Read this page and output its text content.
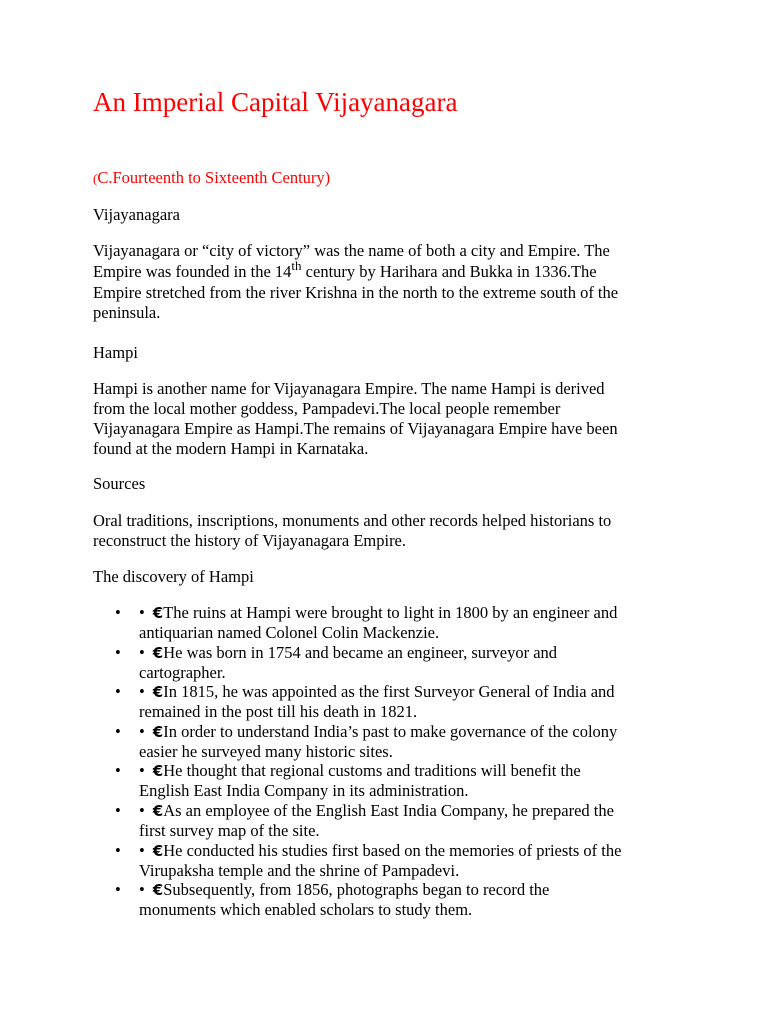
An Imperial Capital Vijayanagara

(C.Fourteenth to Sixteenth Century)

Vijayanagara

Vijayanagara or “city of victory” was the name of both a city and Empire. The

Empire was founded in the 14th century by Harihara and Bukka in 1336.The

Empire stretched from the river Krishna in the north to the extreme south of the

peninsula.

Hampi

Hampi is another name for Vijayanagara Empire. The name Hampi is derived

from the local mother goddess, Pampadevi.The local people remember

Vijayanagara Empire as Hampi.The remains of Vijayanagara Empire have been

found at the modern Hampi in Karnataka.

Sources

Oral traditions, inscriptions, monuments and other records helped historians to

reconstruct the history of Vijayanagara Empire.

The discovery of Hampi

• • €The ruins at Hampi were brought to light in 1800 by an engineer and
antiquarian named Colonel Colin Mackenzie.
• • €He was born in 1754 and became an engineer, surveyor and
cartographer.
• • €In 1815, he was appointed as the first Surveyor General of India and
remained in the post till his death in 1821.
• • €In order to understand India’s past to make governance of the colony
easier he surveyed many historic sites.
• • €He thought that regional customs and traditions will benefit the
English East India Company in its administration.
• • €As an employee of the English East India Company, he prepared the
first survey map of the site.
• • €He conducted his studies first based on the memories of priests of the
Virupaksha temple and the shrine of Pampadevi.
• • €Subsequently, from 1856, photographs began to record the
monuments which enabled scholars to study them.
